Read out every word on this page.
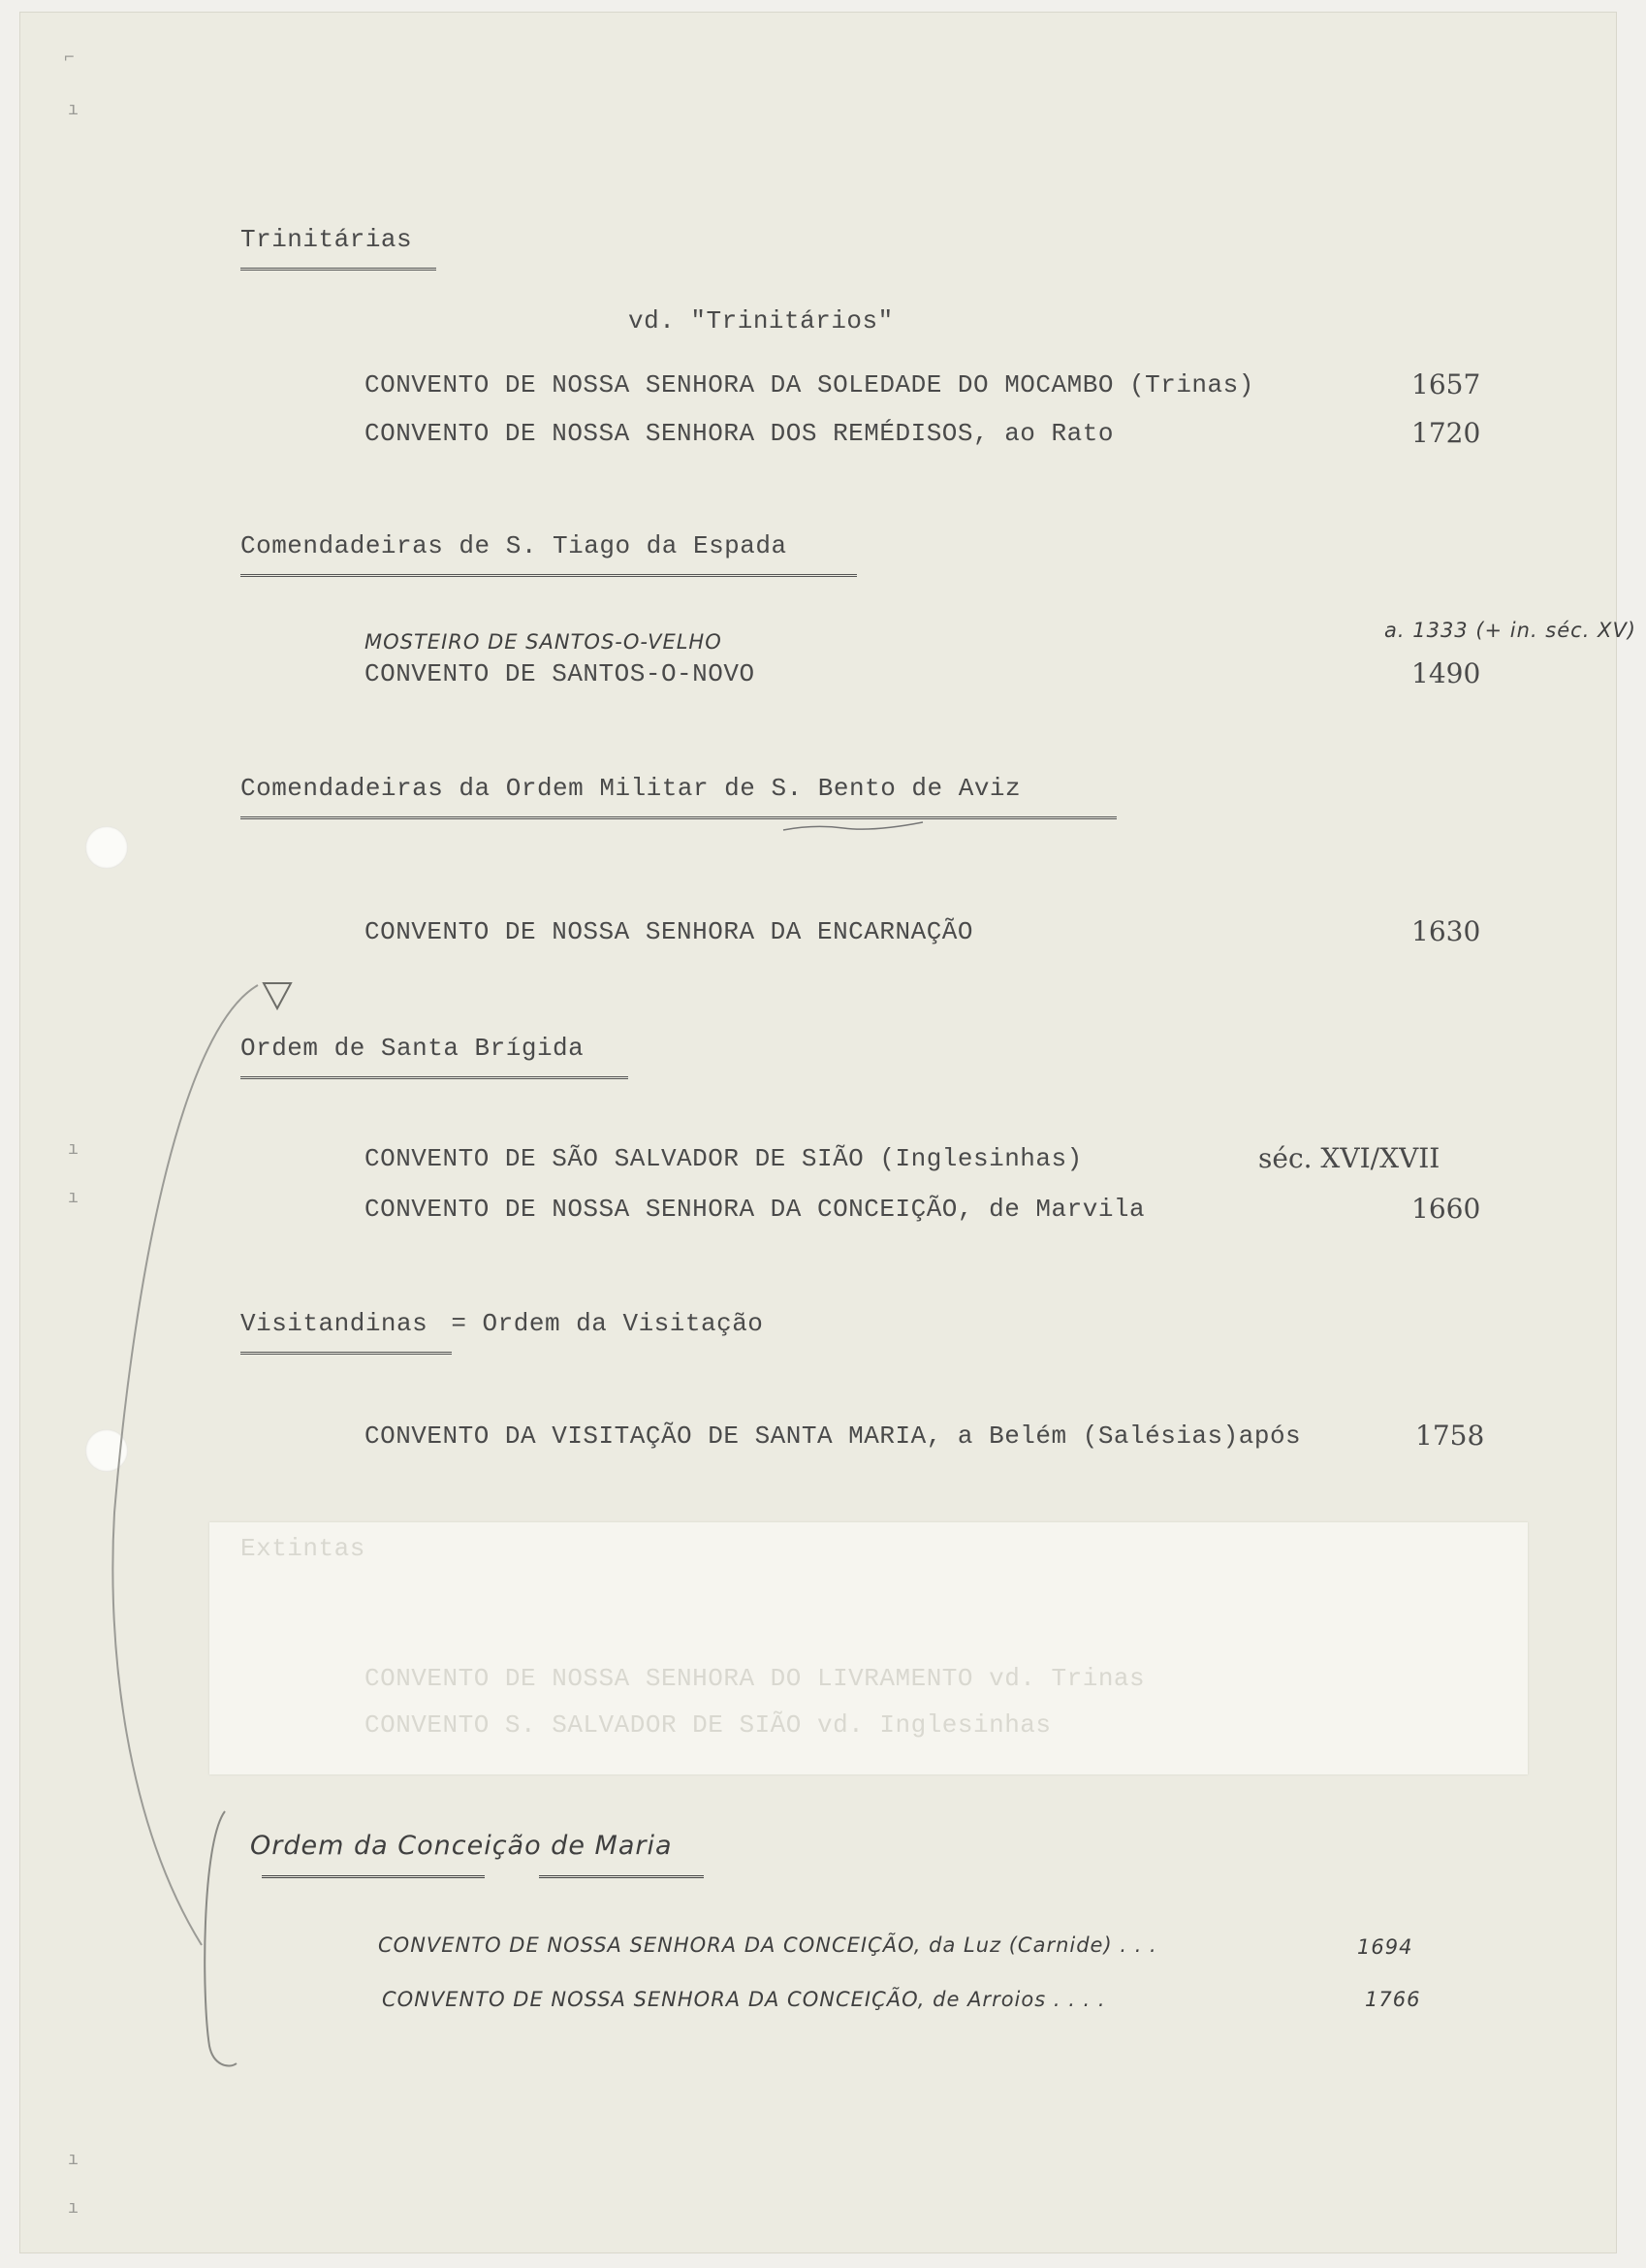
⌐
ı
ı
ı
ı
ı
Trinitárias
vd. "Trinitários"
CONVENTO DE NOSSA SENHORA DA SOLEDADE DO MOCAMBO (Trinas)	1657
CONVENTO DE NOSSA SENHORA DOS REMÉDISOS, ao Rato	1720
Comendadeiras de S. Tiago da Espada
MOSTEIRO DE SANTOS-O-VELHO	a. 1333 (+ in. séc. XV)
CONVENTO DE SANTOS-O-NOVO	1490
Comendadeiras da Ordem Militar de S. Bento de Aviz
CONVENTO DE NOSSA SENHORA DA ENCARNAÇÃO	1630
Ordem de Santa Brígida
CONVENTO DE SÃO SALVADOR DE SIÃO (Inglesinhas)	séc. XVI/XVII
CONVENTO DE NOSSA SENHORA DA CONCEIÇÃO, de Marvila	1660
Visitandinas = Ordem da Visitação
CONVENTO DA VISITAÇÃO DE SANTA MARIA, a Belém (Salésias)após	1758
Extintas
CONVENTO DE NOSSA SENHORA DO LIVRAMENTO vd. Trinas
CONVENTO S. SALVADOR DE SIÃO vd. Inglesinhas
Ordem da Conceição de Maria
CONVENTO DE NOSSA SENHORA DA CONCEIÇÃO, da Luz (Carnide) . . .	1694
CONVENTO DE NOSSA SENHORA DA CONCEIÇÃO, de Arroios . . . .	1766
